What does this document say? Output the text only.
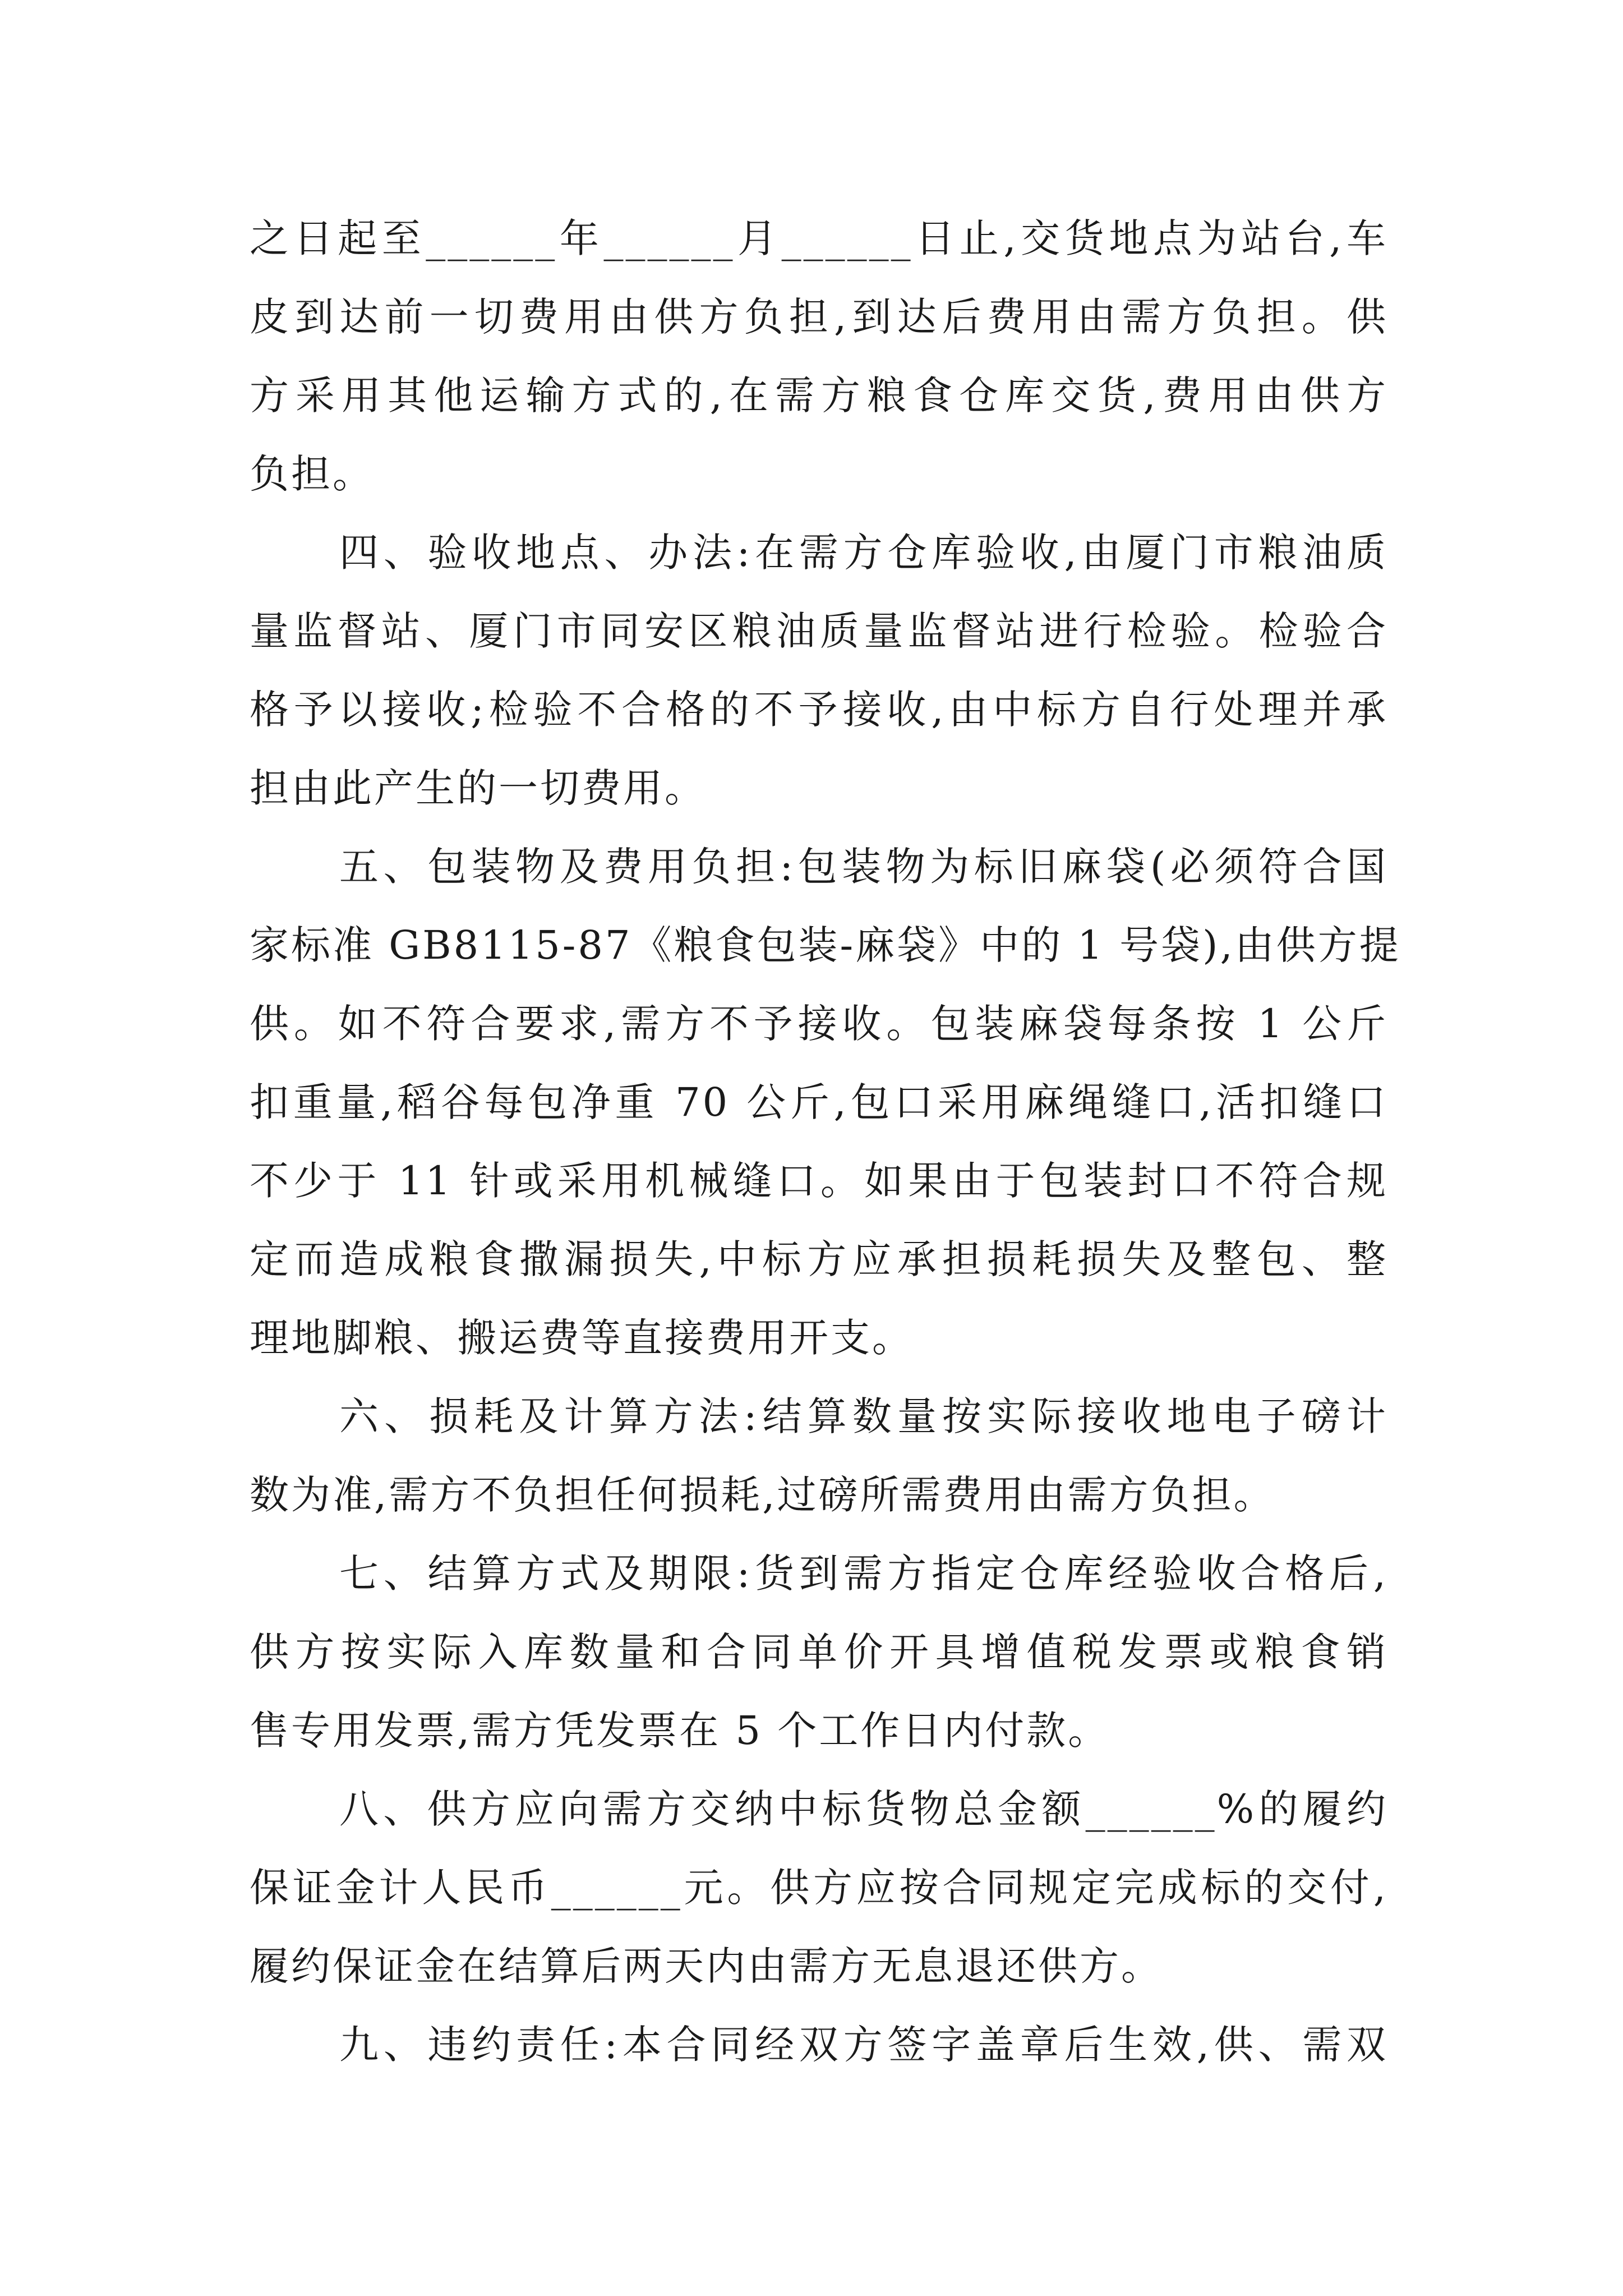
之日起至______年______月______日止,交货地点为站台,车
皮到达前一切费用由供方负担,到达后费用由需方负担。供
方采用其他运输方式的,在需方粮食仓库交货,费用由供方
负担。
四、验收地点、办法:在需方仓库验收,由厦门市粮油质
量监督站、厦门市同安区粮油质量监督站进行检验。检验合
格予以接收;检验不合格的不予接收,由中标方自行处理并承
担由此产生的一切费用。
五、包装物及费用负担:包装物为标旧麻袋(必须符合国
家标准 GB8115-87《粮食包装-麻袋》中的 1 号袋),由供方提
供。如不符合要求,需方不予接收。包装麻袋每条按 1 公斤
扣重量,稻谷每包净重 70 公斤,包口采用麻绳缝口,活扣缝口
不少于 11 针或采用机械缝口。如果由于包装封口不符合规
定而造成粮食撒漏损失,中标方应承担损耗损失及整包、整
理地脚粮、搬运费等直接费用开支。
六、损耗及计算方法:结算数量按实际接收地电子磅计
数为准,需方不负担任何损耗,过磅所需费用由需方负担。
七、结算方式及期限:货到需方指定仓库经验收合格后,
供方按实际入库数量和合同单价开具增值税发票或粮食销
售专用发票,需方凭发票在 5 个工作日内付款。
八、供方应向需方交纳中标货物总金额______%的履约
保证金计人民币______元。供方应按合同规定完成标的交付,
履约保证金在结算后两天内由需方无息退还供方。
九、违约责任:本合同经双方签字盖章后生效,供、需双
